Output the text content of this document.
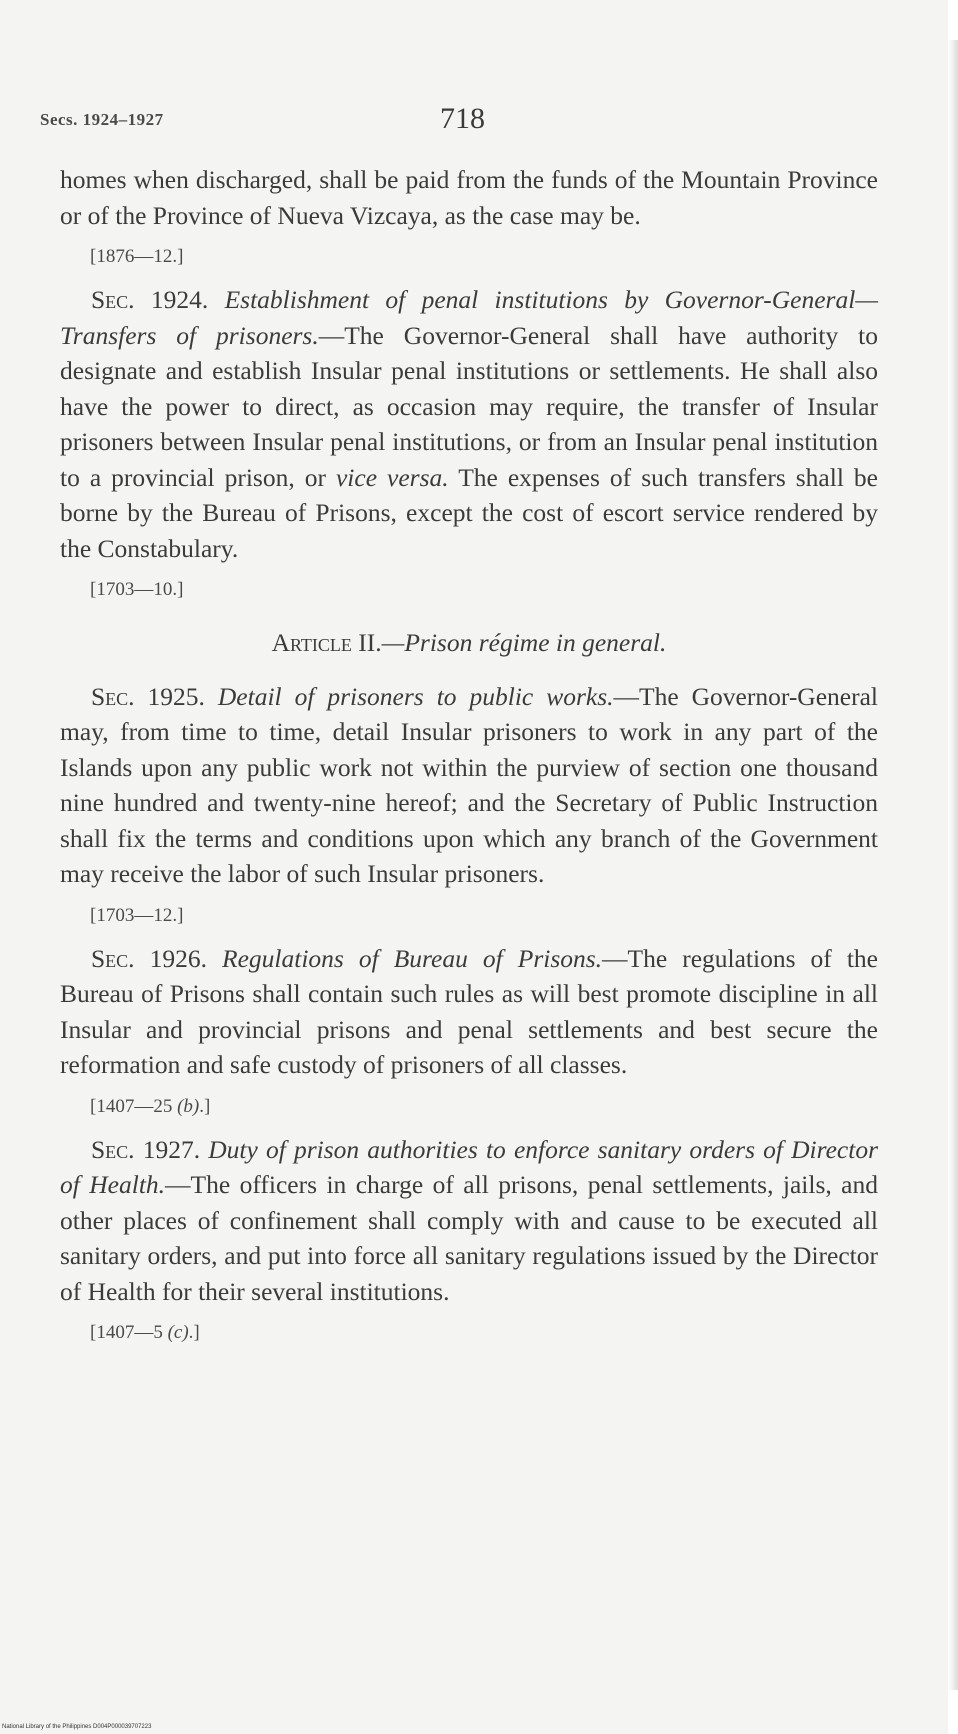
Secs. 1924–1927	718

homes when discharged, shall be paid from the funds of the Mountain Province or of the Province of Nueva Vizcaya, as the case may be.

[1876—12.]

Sec. 1924. Establishment of penal institutions by Governor-General—Transfers of prisoners.—The Governor-General shall have authority to designate and establish Insular penal institutions or settlements. He shall also have the power to direct, as occasion may require, the transfer of Insular prisoners between Insular penal institutions, or from an Insular penal institution to a provincial prison, or vice versa. The expenses of such transfers shall be borne by the Bureau of Prisons, except the cost of escort service rendered by the Constabulary.

[1703—10.]

Article II.—Prison régime in general.

Sec. 1925. Detail of prisoners to public works.—The Governor-General may, from time to time, detail Insular prisoners to work in any part of the Islands upon any public work not within the purview of section one thousand nine hundred and twenty-nine hereof; and the Secretary of Public Instruction shall fix the terms and conditions upon which any branch of the Government may receive the labor of such Insular prisoners.

[1703—12.]

Sec. 1926. Regulations of Bureau of Prisons.—The regulations of the Bureau of Prisons shall contain such rules as will best promote discipline in all Insular and provincial prisons and penal settlements and best secure the reformation and safe custody of prisoners of all classes.

[1407—25 (b).]

Sec. 1927. Duty of prison authorities to enforce sanitary orders of Director of Health.—The officers in charge of all prisons, penal settlements, jails, and other places of confinement shall comply with and cause to be executed all sanitary orders, and put into force all sanitary regulations issued by the Director of Health for their several institutions.

[1407—5 (c).]

National Library of the Philippines D004P000039707223
